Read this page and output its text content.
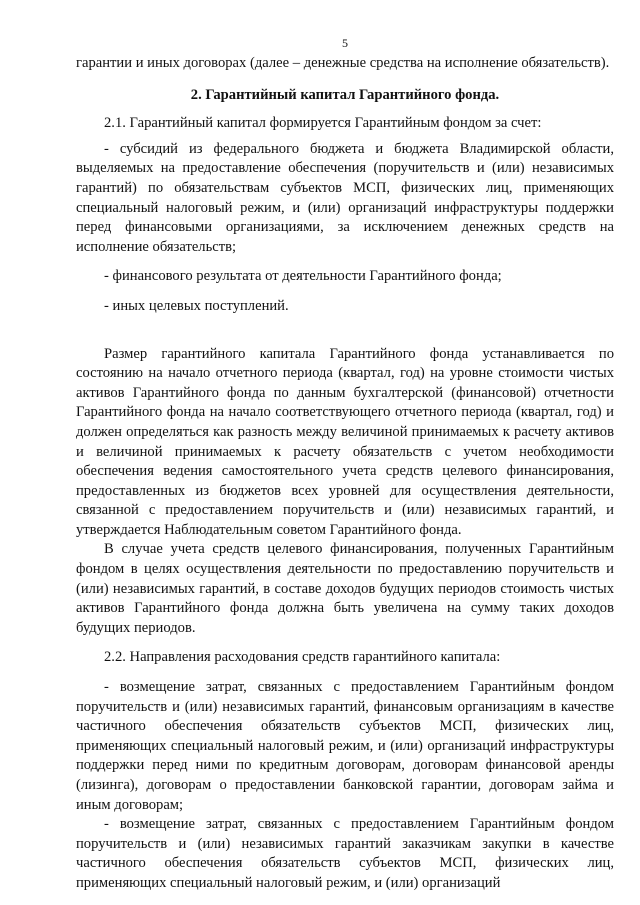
5

гарантии и иных договорах (далее – денежные средства на исполнение обязательств).

2. Гарантийный капитал Гарантийного фонда.

2.1. Гарантийный капитал формируется Гарантийным фондом за счет:

- субсидий из федерального бюджета и бюджета Владимирской области, выделяемых на предоставление обеспечения (поручительств и (или) независимых гарантий) по обязательствам субъектов МСП, физических лиц, применяющих специальный налоговый режим, и (или) организаций инфраструктуры поддержки перед финансовыми организациями, за исключением денежных средств на исполнение обязательств;

- финансового результата от деятельности Гарантийного фонда;

- иных целевых поступлений.

Размер гарантийного капитала Гарантийного фонда устанавливается по состоянию на начало отчетного периода (квартал, год) на уровне стоимости чистых активов Гарантийного фонда по данным бухгалтерской (финансовой) отчетности Гарантийного фонда на начало соответствующего отчетного периода (квартал, год) и должен определяться как разность между величиной принимаемых к расчету активов и величиной принимаемых к расчету обязательств с учетом необходимости обеспечения ведения самостоятельного учета средств целевого финансирования, предоставленных из бюджетов всех уровней для осуществления деятельности, связанной с предоставлением поручительств и (или) независимых гарантий, и утверждается Наблюдательным советом Гарантийного фонда.

В случае учета средств целевого финансирования, полученных Гарантийным фондом в целях осуществления деятельности по предоставлению поручительств и (или) независимых гарантий, в составе доходов будущих периодов стоимость чистых активов Гарантийного фонда должна быть увеличена на сумму таких доходов будущих периодов.

2.2. Направления расходования средств гарантийного капитала:

- возмещение затрат, связанных с предоставлением Гарантийным фондом поручительств и (или) независимых гарантий, финансовым организациям в качестве частичного обеспечения обязательств субъектов МСП, физических лиц, применяющих специальный налоговый режим, и (или) организаций инфраструктуры поддержки перед ними по кредитным договорам, договорам финансовой аренды (лизинга), договорам о предоставлении банковской гарантии, договорам займа и иным договорам;

- возмещение затрат, связанных с предоставлением Гарантийным фондом поручительств и (или) независимых гарантий заказчикам закупки в качестве частичного обеспечения обязательств субъектов МСП, физических лиц, применяющих специальный налоговый режим, и (или) организаций
